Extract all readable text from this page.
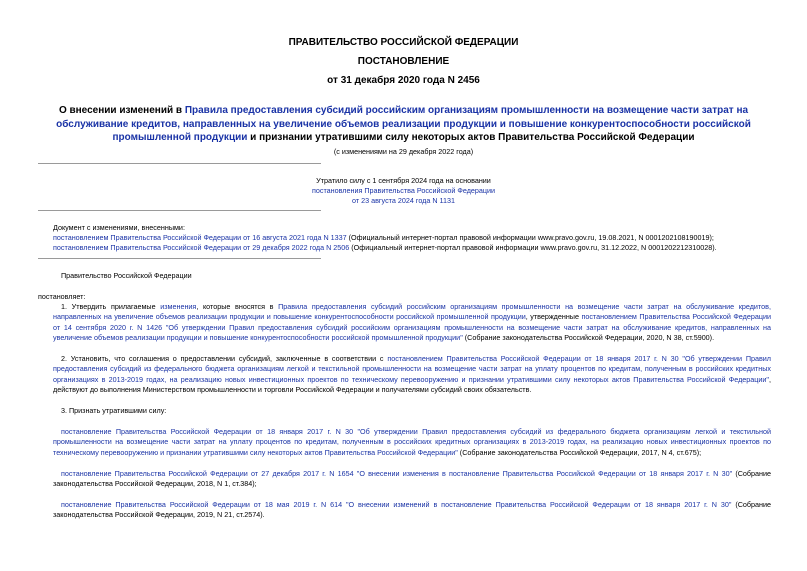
ПРАВИТЕЛЬСТВО РОССИЙСКОЙ ФЕДЕРАЦИИ
ПОСТАНОВЛЕНИЕ
от 31 декабря 2020 года N 2456
О внесении изменений в Правила предоставления субсидий российским организациям промышленности на возмещение части затрат на обслуживание кредитов, направленных на увеличение объемов реализации продукции и повышение конкурентоспособности российской промышленной продукции и признании утратившими силу некоторых актов Правительства Российской Федерации
(с изменениями на 29 декабря 2022 года)
Утратило силу с 1 сентября 2024 года на основании
постановления Правительства Российской Федерации
от 23 августа 2024 года N 1131
Документ с изменениями, внесенными:
постановлением Правительства Российской Федерации от 16 августа 2021 года N 1337 (Официальный интернет-портал правовой информации www.pravo.gov.ru, 19.08.2021, N 0001202108190019);
постановлением Правительства Российской Федерации от 29 декабря 2022 года N 2506 (Официальный интернет-портал правовой информации www.pravo.gov.ru, 31.12.2022, N 0001202212310028).
Правительство Российской Федерации
постановляет:
1. Утвердить прилагаемые изменения, которые вносятся в Правила предоставления субсидий российским организациям промышленности на возмещение части затрат на обслуживание кредитов, направленных на увеличение объемов реализации продукции и повышение конкурентоспособности российской промышленной продукции, утвержденные постановлением Правительства Российской Федерации от 14 сентября 2020 г. N 1426 "Об утверждении Правил предоставления субсидий российским организациям промышленности на возмещение части затрат на обслуживание кредитов, направленных на увеличение объемов реализации продукции и повышение конкурентоспособности российской промышленной продукции" (Собрание законодательства Российской Федерации, 2020, N 38, ст.5900).
2. Установить, что соглашения о предоставлении субсидий, заключенные в соответствии с постановлением Правительства Российской Федерации от 18 января 2017 г. N 30 "Об утверждении Правил предоставления субсидий из федерального бюджета организациям легкой и текстильной промышленности на возмещение части затрат на уплату процентов по кредитам, полученным в российских кредитных организациях в 2013-2019 годах, на реализацию новых инвестиционных проектов по техническому перевооружению и признании утратившими силу некоторых актов Правительства Российской Федерации", действуют до выполнения Министерством промышленности и торговли Российской Федерации и получателями субсидий своих обязательств.
3. Признать утратившими силу:
постановление Правительства Российской Федерации от 18 января 2017 г. N 30 "Об утверждении Правил предоставления субсидий из федерального бюджета организациям легкой и текстильной промышленности на возмещение части затрат на уплату процентов по кредитам, полученным в российских кредитных организациях в 2013-2019 годах, на реализацию новых инвестиционных проектов по техническому перевооружению и признании утратившими силу некоторых актов Правительства Российской Федерации" (Собрание законодательства Российской Федерации, 2017, N 4, ст.675);
постановление Правительства Российской Федерации от 27 декабря 2017 г. N 1654 "О внесении изменения в постановление Правительства Российской Федерации от 18 января 2017 г. N 30" (Собрание законодательства Российской Федерации, 2018, N 1, ст.384);
постановление Правительства Российской Федерации от 18 мая 2019 г. N 614 "О внесении изменений в постановление Правительства Российской Федерации от 18 января 2017 г. N 30" (Собрание законодательства Российской Федерации, 2019, N 21, ст.2574).
